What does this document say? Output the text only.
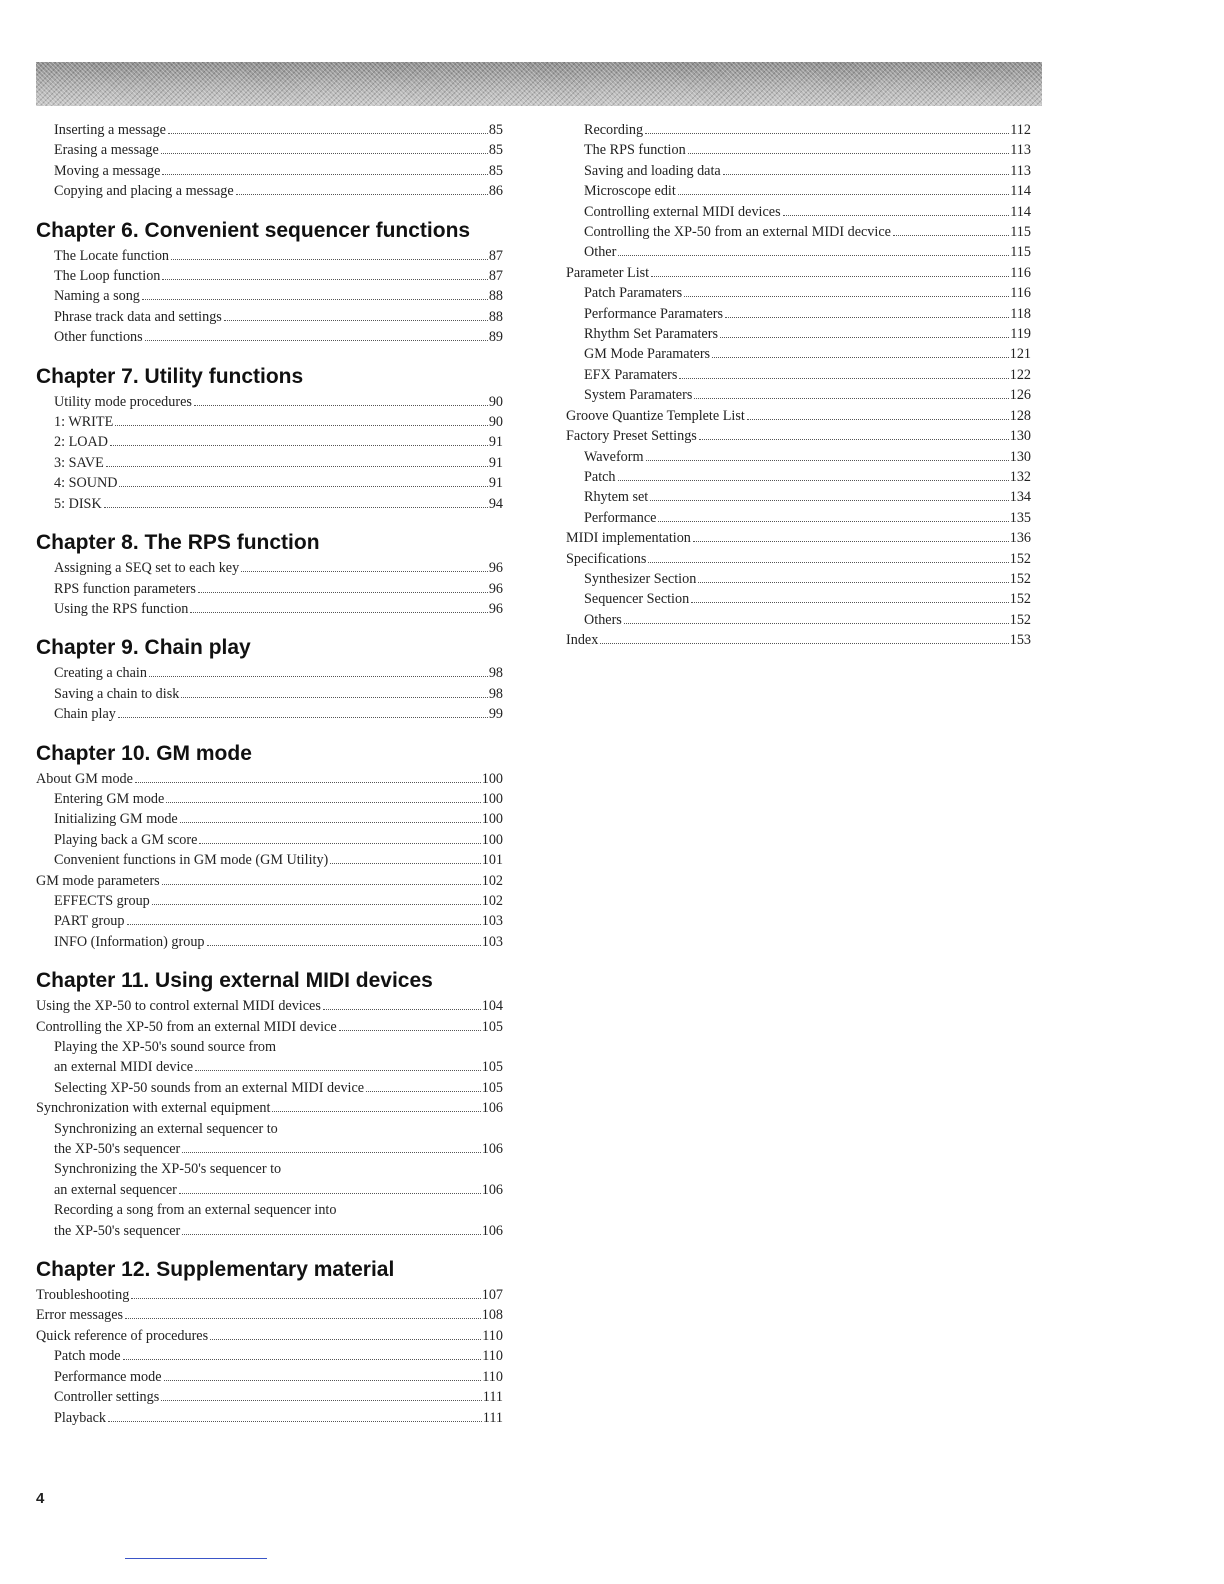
Inserting a message	85
Erasing a message	85
Moving a message	85
Copying and placing a message	86
Chapter 6. Convenient sequencer functions
The Locate function	87
The Loop function	87
Naming a song	88
Phrase track data and settings	88
Other functions	89
Chapter 7. Utility functions
Utility mode procedures	90
1: WRITE	90
2: LOAD	91
3: SAVE	91
4: SOUND	91
5: DISK	94
Chapter 8. The RPS function
Assigning a SEQ set to each key	96
RPS function parameters	96
Using the RPS function	96
Chapter 9. Chain play
Creating a chain	98
Saving a chain to disk	98
Chain play	99
Chapter 10. GM mode
About GM mode	100
Entering GM mode	100
Initializing GM mode	100
Playing back a GM score	100
Convenient functions in GM mode (GM Utility)	101
GM mode parameters	102
EFFECTS group	102
PART group	103
INFO (Information) group	103
Chapter 11. Using external MIDI devices
Using the XP-50 to control external MIDI devices	104
Controlling the XP-50 from an external MIDI device	105
Playing the XP-50's sound source from
an external MIDI device	105
Selecting XP-50 sounds from an external MIDI device	105
Synchronization with external equipment	106
Synchronizing an external sequencer to
the XP-50's sequencer	106
Synchronizing the XP-50's sequencer to
an external sequencer	106
Recording a song from an external sequencer into
the XP-50's sequencer	106
Chapter 12. Supplementary material
Troubleshooting	107
Error messages	108
Quick reference of procedures	110
Patch mode	110
Performance mode	110
Controller settings	111
Playback	111
Recording	112
The RPS function	113
Saving and loading data	113
Microscope edit	114
Controlling external MIDI devices	114
Controlling the XP-50 from an external MIDI decvice	115
Other	115
Parameter List	116
Patch Paramaters	116
Performance Paramaters	118
Rhythm Set Paramaters	119
GM Mode Paramaters	121
EFX Paramaters	122
System Paramaters	126
Groove Quantize Templete List	128
Factory Preset Settings	130
Waveform	130
Patch	132
Rhytem set	134
Performance	135
MIDI implementation	136
Specifications	152
Synthesizer Section	152
Sequencer Section	152
Others	152
Index	153
4
